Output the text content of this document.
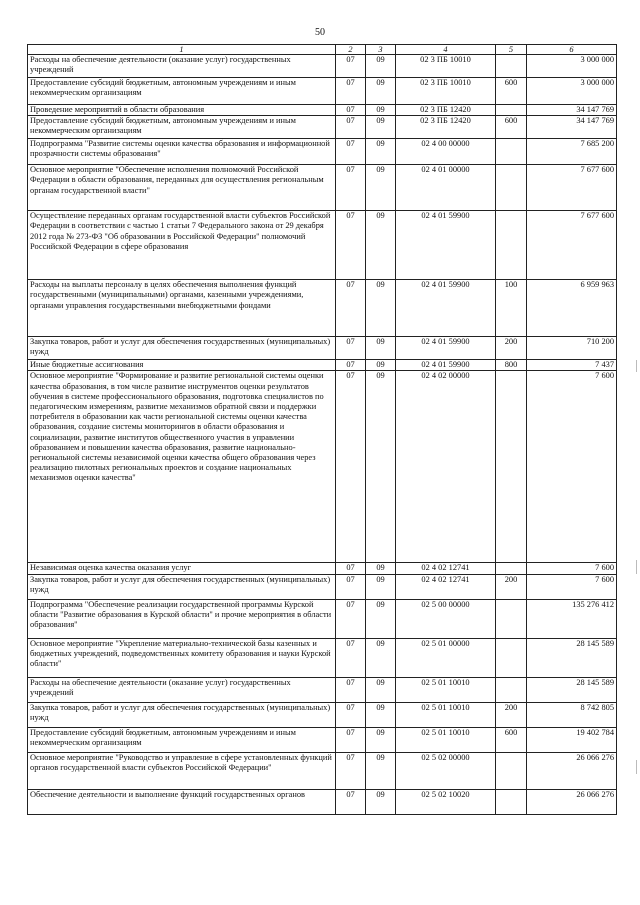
50
1	2	3	4	5	6
Расходы на обеспечение деятельности (оказание услуг) государственных учреждений	07	09	02 3 ПБ 10010		3 000 000
Предоставление субсидий бюджетным, автономным учреждениям и иным некоммерческим организациям	07	09	02 3 ПБ 10010	600	3 000 000
Проведение мероприятий в области образования	07	09	02 3 ПБ 12420		34 147 769
Предоставление субсидий бюджетным, автономным учреждениям и иным некоммерческим организациям	07	09	02 3 ПБ 12420	600	34 147 769
Подпрограмма "Развитие системы оценки качества образования и информационной прозрачности системы образования"	07	09	02 4 00 00000		7 685 200
Основное мероприятие "Обеспечение исполнения полномочий Российской Федерации в области образования, переданных для осуществления региональным органам государственной власти"	07	09	02 4 01 00000		7 677 600
Осуществление переданных органам государственной власти субъектов Российской Федерации в соответствии с частью 1 статьи 7 Федерального закона от 29 декабря 2012 года № 273-ФЗ "Об образовании в Российской Федерации" полномочий Российской Федерации в сфере образования	07	09	02 4 01 59900		7 677 600
Расходы на выплаты персоналу в целях обеспечения выполнения функций государственными (муниципальными) органами, казенными учреждениями, органами управления государственными внебюджетными фондами	07	09	02 4 01 59900	100	6 959 963
Закупка товаров, работ и услуг для обеспечения государственных (муниципальных) нужд	07	09	02 4 01 59900	200	710 200
Иные бюджетные ассигнования	07	09	02 4 01 59900	800	7 437
Основное мероприятие "Формирование и развитие региональной системы оценки качества образования, в том числе развитие инструментов оценки результатов обучения в системе профессионального образования, подготовка специалистов по педагогическим измерениям, развитие механизмов обратной связи и поддержки потребителя в образовании как части региональной системы оценки качества образования, создание системы мониторингов в области образования и социализации, развитие институтов общественного участия в управлении образованием и повышении качества образования, развитие национально- региональной системы независимой оценки качества общего образования через реализацию пилотных региональных проектов и создание национальных механизмов оценки качества"	07	09	02 4 02 00000		7 600
Независимая оценка качества оказания услуг	07	09	02 4 02 12741		7 600
Закупка товаров, работ и услуг для обеспечения государственных (муниципальных) нужд	07	09	02 4 02 12741	200	7 600
Подпрограмма "Обеспечение реализации государственной программы Курской области "Развитие образования в Курской области" и прочие мероприятия в области образования"	07	09	02 5 00 00000		135 276 412
Основное мероприятие "Укрепление материально-технической базы казенных и бюджетных учреждений, подведомственных комитету образования и науки Курской области"	07	09	02 5 01 00000		28 145 589
Расходы на обеспечение деятельности (оказание услуг) государственных учреждений	07	09	02 5 01 10010		28 145 589
Закупка товаров, работ и услуг для обеспечения государственных (муниципальных) нужд	07	09	02 5 01 10010	200	8 742 805
Предоставление субсидий бюджетным, автономным учреждениям и иным некоммерческим организациям	07	09	02 5 01 10010	600	19 402 784
Основное мероприятие "Руководство и управление в сфере установленных функций органов государственной власти субъектов Российской Федерации"	07	09	02 5 02 00000		26 066 276
Обеспечение деятельности и выполнение функций государственных органов	07	09	02 5 02 10020		26 066 276
